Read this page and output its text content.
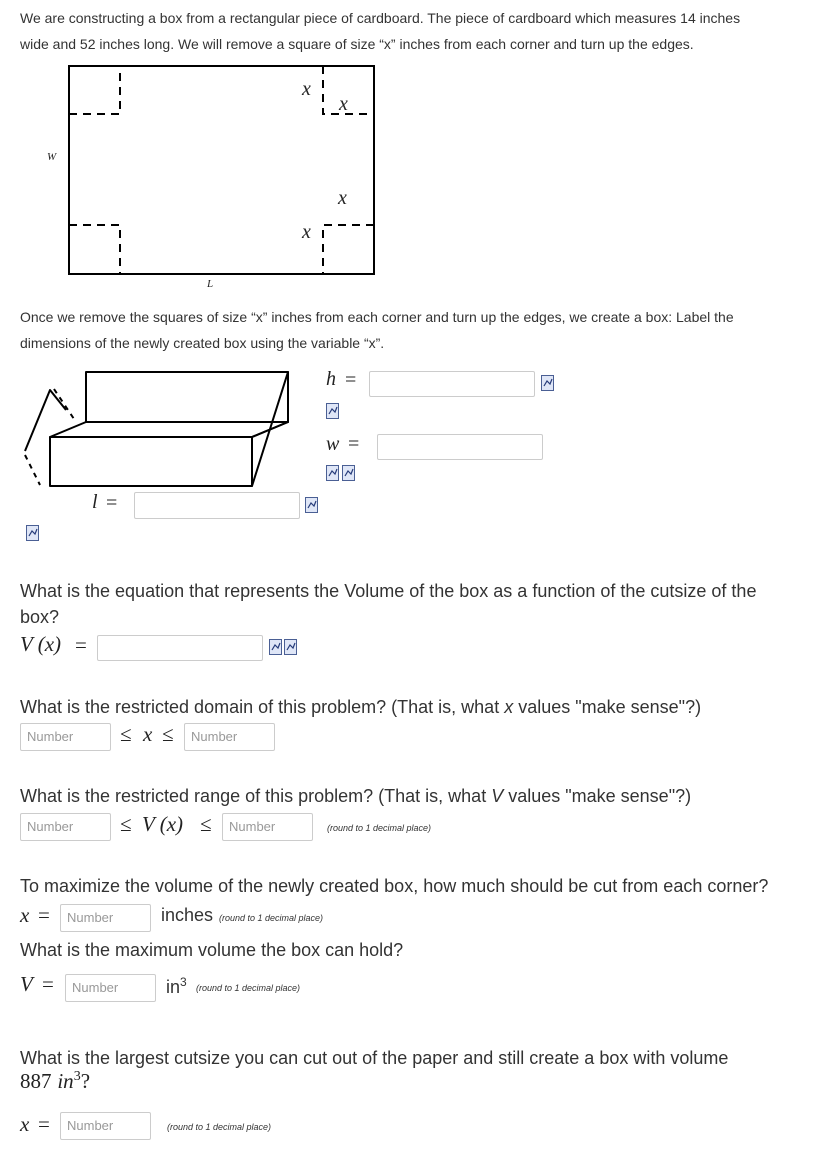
We are constructing a box from a rectangular piece of cardboard. The piece of cardboard which measures 14 inches
wide and 52 inches long. We will remove a square of size “x” inches from each corner and turn up the edges.
x
x
x
x
W
L
Once we remove the squares of size “x” inches from each corner and turn up the edges, we create a box: Label the
dimensions of the newly created box using the variable “x”.
h =
w =
l =
What is the equation that represents the Volume of the box as a function of the cutsize of the
box?
V (x) =
What is the restricted domain of this problem? (That is, what x values "make sense"?)
Number	≤ x ≤	Number
What is the restricted range of this problem? (That is, what V values "make sense"?)
Number	≤ V (x) ≤	Number	(round to 1 decimal place)
To maximize the volume of the newly created box, how much should be cut from each corner?
x =	Number	inches (round to 1 decimal place)
What is the maximum volume the box can hold?
V =	Number	$in^3$ (round to 1 decimal place)
What is the largest cutsize you can cut out of the paper and still create a box with volume
887 $in^3$?
x =	Number	(round to 1 decimal place)
